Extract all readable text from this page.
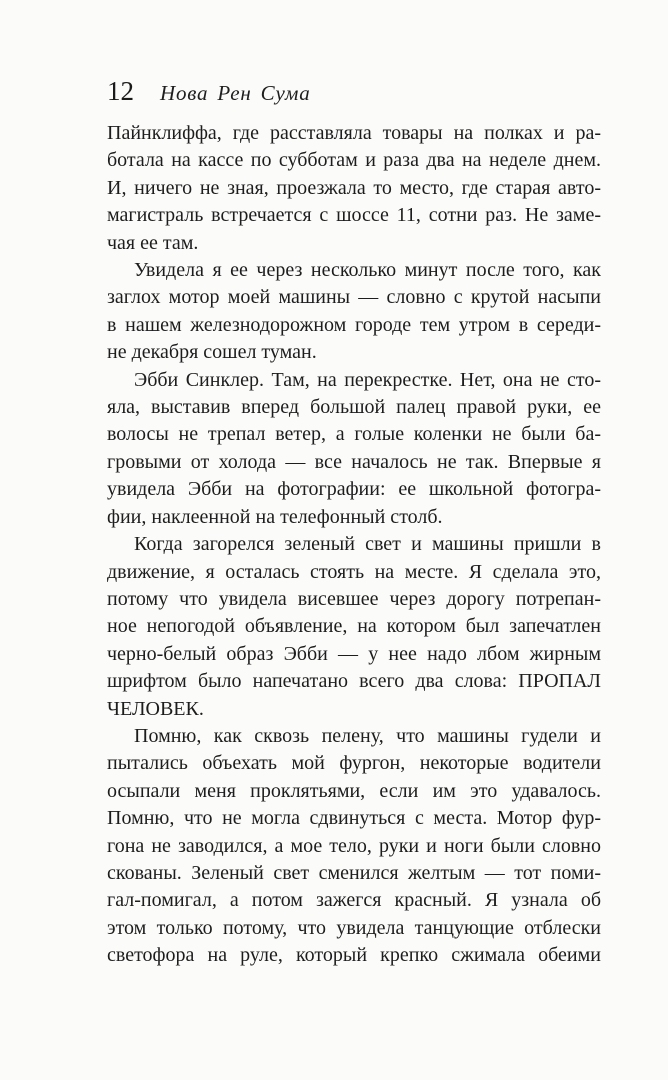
12 Нова Рен Сума
Пайнклиффа, где расставляла товары на полках и ра-
ботала на кассе по субботам и раза два на неделе днем.
И, ничего не зная, проезжала то место, где старая авто-
магистраль встречается с шоссе 11, сотни раз. Не заме-
чая ее там.
Увидела я ее через несколько минут после того, как
заглох мотор моей машины — словно с крутой насыпи
в нашем железнодорожном городе тем утром в середи-
не декабря сошел туман.
Эбби Синклер. Там, на перекрестке. Нет, она не сто-
яла, выставив вперед большой палец правой руки, ее
волосы не трепал ветер, а голые коленки не были ба-
гровыми от холода — все началось не так. Впервые я
увидела Эбби на фотографии: ее школьной фотогра-
фии, наклеенной на телефонный столб.
Когда загорелся зеленый свет и машины пришли в
движение, я осталась стоять на месте. Я сделала это,
потому что увидела висевшее через дорогу потрепан-
ное непогодой объявление, на котором был запечатлен
черно-белый образ Эбби — у нее надо лбом жирным
шрифтом было напечатано всего два слова: ПРОПАЛ
ЧЕЛОВЕК.
Помню, как сквозь пелену, что машины гудели и
пытались объехать мой фургон, некоторые водители
осыпали меня проклятьями, если им это удавалось.
Помню, что не могла сдвинуться с места. Мотор фур-
гона не заводился, а мое тело, руки и ноги были словно
скованы. Зеленый свет сменился желтым — тот поми-
гал-помигал, а потом зажегся красный. Я узнала об
этом только потому, что увидела танцующие отблески
светофора на руле, который крепко сжимала обеими
